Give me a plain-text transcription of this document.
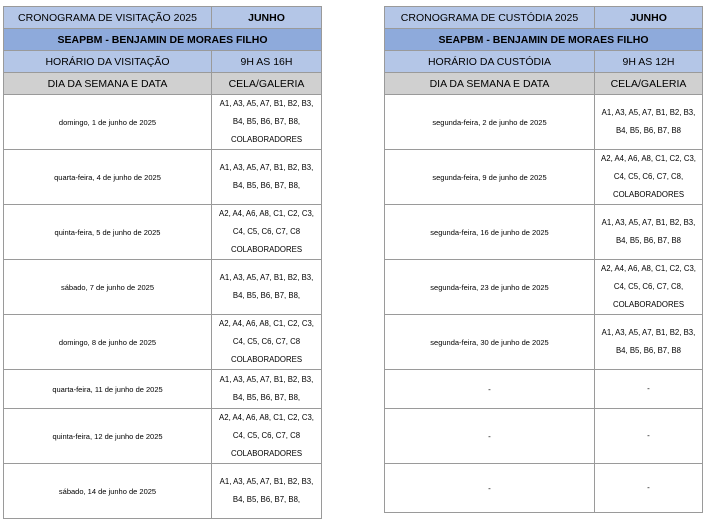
CRONOGRAMA DE VISITAÇÃO 2025	JUNHO
SEAPBM - BENJAMIN DE MORAES FILHO	
HORÁRIO DA VISITAÇÃO	9H AS 16H
DIA DA SEMANA E DATA	CELA/GALERIA
domingo, 1 de junho de 2025	A1, A3, A5, A7, B1, B2, B3,
B4, B5, B6, B7, B8,
COLABORADORES

quarta-feira, 4 de junho de 2025	A1, A3, A5, A7, B1, B2, B3,
B4, B5, B6, B7, B8,

quinta-feira, 5 de junho de 2025	A2, A4, A6, A8, C1, C2, C3,
C4, C5, C6, C7, C8
COLABORADORES

sábado, 7 de junho de 2025	A1, A3, A5, A7, B1, B2, B3,
B4, B5, B6, B7, B8,

domingo, 8 de junho de 2025	A2, A4, A6, A8, C1, C2, C3,
C4, C5, C6, C7, C8
COLABORADORES

quarta-feira, 11 de junho de 2025	A1, A3, A5, A7, B1, B2, B3,
B4, B5, B6, B7, B8,

quinta-feira, 12 de junho de 2025	A2, A4, A6, A8, C1, C2, C3,
C4, C5, C6, C7, C8
COLABORADORES

sábado, 14 de junho de 2025	A1, A3, A5, A7, B1, B2, B3,
B4, B5, B6, B7, B8,
CRONOGRAMA DE CUSTÓDIA 2025	JUNHO
SEAPBM - BENJAMIN DE MORAES FILHO	
HORÁRIO DA CUSTÓDIA	9H AS 12H
DIA DA SEMANA E DATA	CELA/GALERIA
segunda-feira, 2 de junho de 2025	A1, A3, A5, A7, B1, B2, B3,
B4, B5, B6, B7, B8

segunda-feira, 9 de junho de 2025	A2, A4, A6, A8, C1, C2, C3,
C4, C5, C6, C7, C8,
COLABORADORES

segunda-feira, 16 de junho de 2025	A1, A3, A5, A7, B1, B2, B3,
B4, B5, B6, B7, B8

segunda-feira, 23 de junho de 2025	A2, A4, A6, A8, C1, C2, C3,
C4, C5, C6, C7, C8,
COLABORADORES

segunda-feira, 30 de junho de 2025	A1, A3, A5, A7, B1, B2, B3,
B4, B5, B6, B7, B8

-	-

-	-

-	-
